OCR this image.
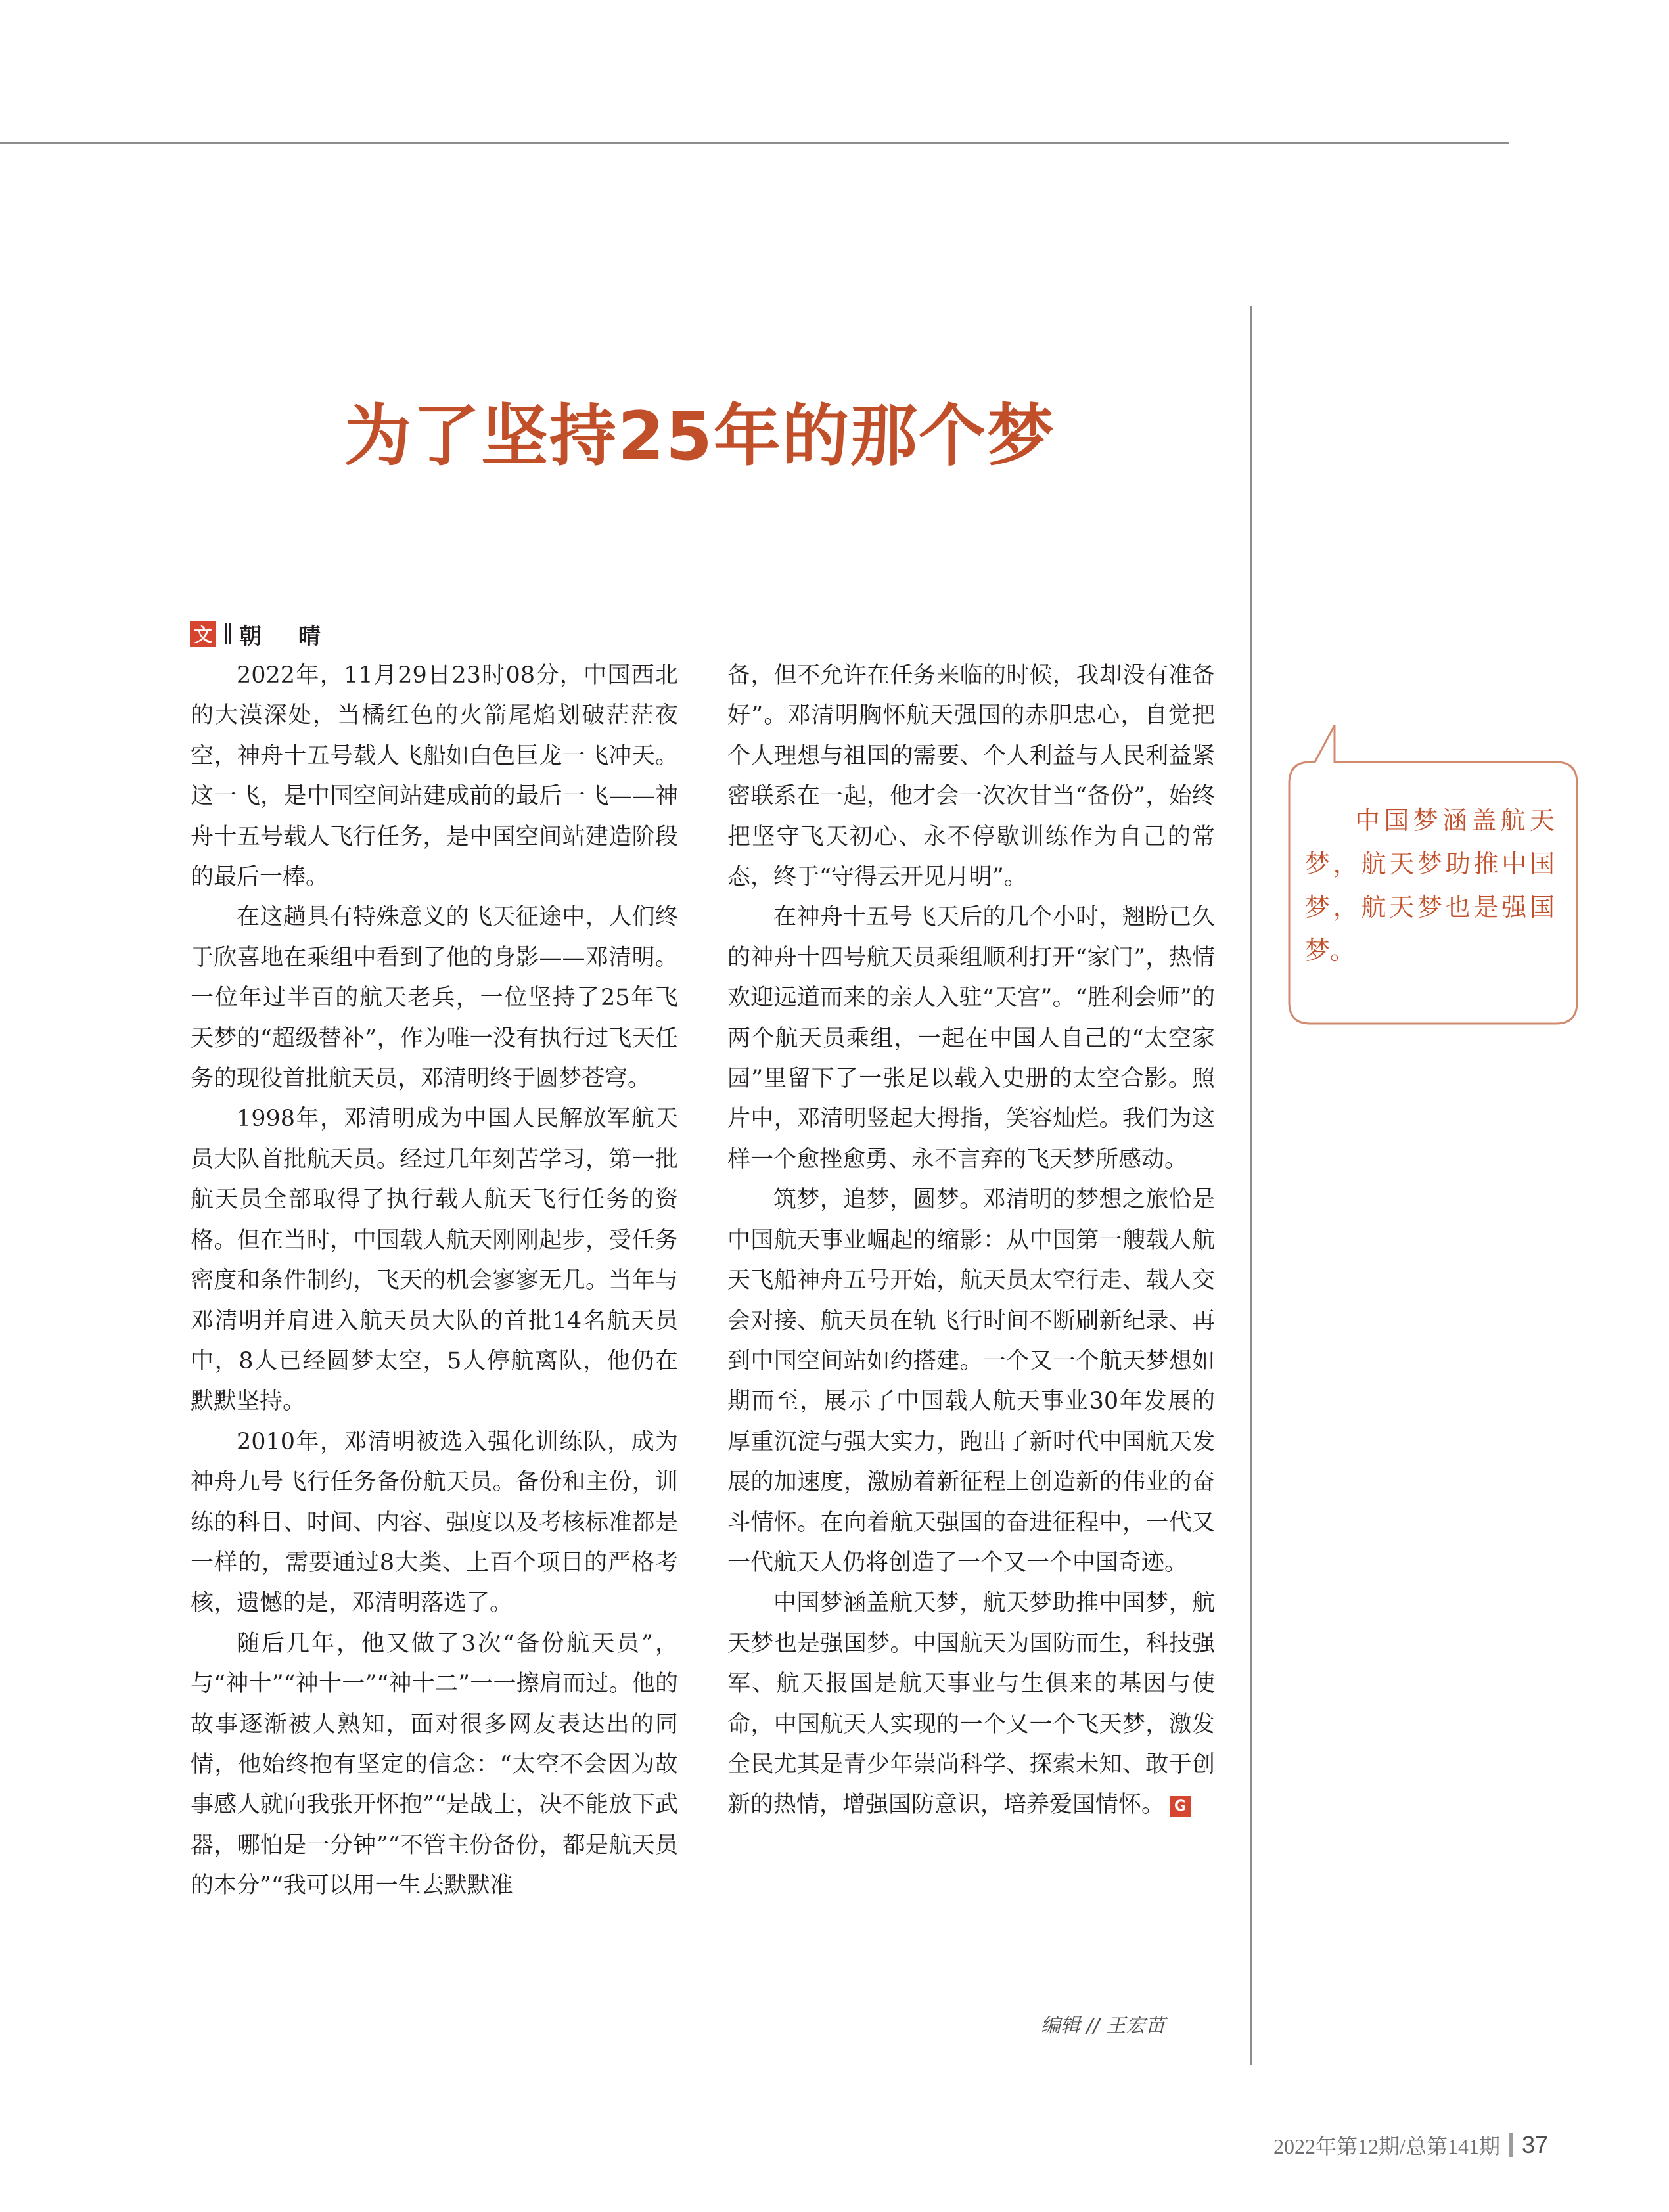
为了坚持25年的那个梦
文 朝 晴

2022年，11月29日23时08分，中国西北的大漠深处，当橘红色的火箭尾焰划破茫茫夜空，神舟十五号载人飞船如白色巨龙一飞冲天。这一飞，是中国空间站建成前的最后一飞——神舟十五号载人飞行任务，是中国空间站建造阶段的最后一棒。

在这趟具有特殊意义的飞天征途中，人们终于欣喜地在乘组中看到了他的身影——邓清明。一位年过半百的航天老兵，一位坚持了25年飞天梦的“超级替补”，作为唯一没有执行过飞天任务的现役首批航天员，邓清明终于圆梦苍穹。

1998年，邓清明成为中国人民解放军航天员大队首批航天员。经过几年刻苦学习，第一批航天员全部取得了执行载人航天飞行任务的资格。但在当时，中国载人航天刚刚起步，受任务密度和条件制约，飞天的机会寥寥无几。当年与邓清明并肩进入航天员大队的首批14名航天员中，8人已经圆梦太空，5人停航离队，他仍在默默坚持。

2010年，邓清明被选入强化训练队，成为神舟九号飞行任务备份航天员。备份和主份，训练的科目、时间、内容、强度以及考核标准都是一样的，需要通过8大类、上百个项目的严格考核，遗憾的是，邓清明落选了。

随后几年，他又做了3次“备份航天员”，与“神十”“神十一”“神十二”一一擦肩而过。他的故事逐渐被人熟知，面对很多网友表达出的同情，他始终抱有坚定的信念：“太空不会因为故事感人就向我张开怀抱”“是战士，决不能放下武器，哪怕是一分钟”“不管主份备份，都是航天员的本分”“我可以用一生去默默准

备，但不允许在任务来临的时候，我却没有准备好”。邓清明胸怀航天强国的赤胆忠心，自觉把个人理想与祖国的需要、个人利益与人民利益紧密联系在一起，他才会一次次甘当“备份”，始终把坚守飞天初心、永不停歇训练作为自己的常态，终于“守得云开见月明”。

在神舟十五号飞天后的几个小时，翘盼已久的神舟十四号航天员乘组顺利打开“家门”，热情欢迎远道而来的亲人入驻“天宫”。“胜利会师”的两个航天员乘组，一起在中国人自己的“太空家园”里留下了一张足以载入史册的太空合影。照片中，邓清明竖起大拇指，笑容灿烂。我们为这样一个愈挫愈勇、永不言弃的飞天梦所感动。

筑梦，追梦，圆梦。邓清明的梦想之旅恰是中国航天事业崛起的缩影：从中国第一艘载人航天飞船神舟五号开始，航天员太空行走、载人交会对接、航天员在轨飞行时间不断刷新纪录、再到中国空间站如约搭建。一个又一个航天梦想如期而至，展示了中国载人航天事业30年发展的厚重沉淀与强大实力，跑出了新时代中国航天发展的加速度，激励着新征程上创造新的伟业的奋斗情怀。在向着航天强国的奋进征程中，一代又一代航天人仍将创造了一个又一个中国奇迹。

中国梦涵盖航天梦，航天梦助推中国梦，航天梦也是强国梦。中国航天为国防而生，科技强军、航天报国是航天事业与生俱来的基因与使命，中国航天人实现的一个又一个飞天梦，激发全民尤其是青少年崇尚科学、探索未知、敢于创新的热情，增强国防意识，培养爱国情怀。 G

中国梦涵盖航天梦，航天梦助推中国梦，航天梦也是强国梦。

编辑 // 王宏苗
2022年第12期/总第141期 37
